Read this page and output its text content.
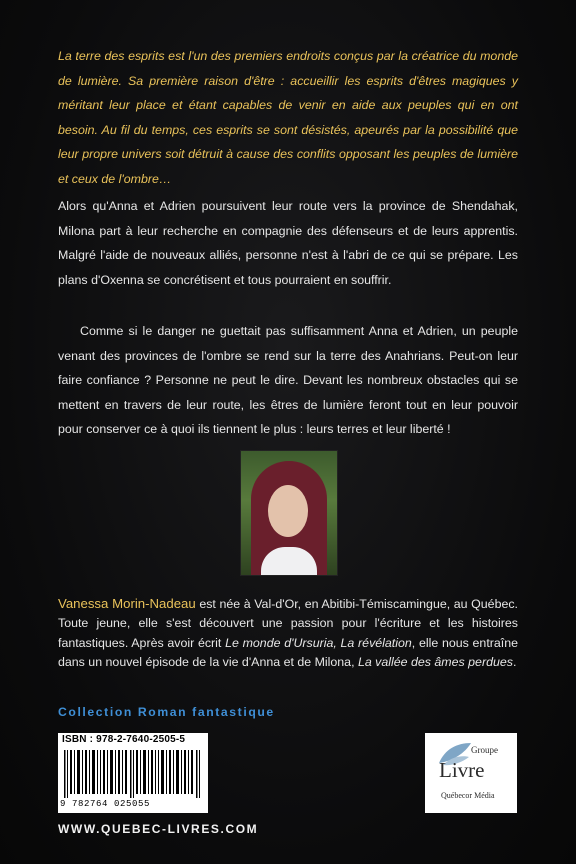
La terre des esprits est l'un des premiers endroits conçus par la créatrice du monde de lumière. Sa première raison d'être : accueillir les esprits d'êtres magiques y méritant leur place et étant capables de venir en aide aux peuples qui en ont besoin. Au fil du temps, ces esprits se sont désistés, apeurés par la possibilité que leur propre univers soit détruit à cause des conflits opposant les peuples de lumière et ceux de l'ombre…

Alors qu'Anna et Adrien poursuivent leur route vers la province de Shendahak, Milona part à leur recherche en compagnie des défenseurs et de leurs apprentis. Malgré l'aide de nouveaux alliés, personne n'est à l'abri de ce qui se prépare. Les plans d'Oxenna se concrétisent et tous pourraient en souffrir.

Comme si le danger ne guettait pas suffisamment Anna et Adrien, un peuple venant des provinces de l'ombre se rend sur la terre des Anahrians. Peut-on leur faire confiance ? Personne ne peut le dire. Devant les nombreux obstacles qui se mettent en travers de leur route, les êtres de lumière feront tout en leur pouvoir pour conserver ce à quoi ils tiennent le plus : leurs terres et leur liberté !

Vanessa Morin-Nadeau est née à Val-d'Or, en Abitibi-Témiscamingue, au Québec. Toute jeune, elle s'est découvert une passion pour l'écriture et les histoires fantastiques. Après avoir écrit Le monde d'Ursuria, La révélation, elle nous entraîne dans un nouvel épisode de la vie d'Anna et de Milona, La vallée des âmes perdues.

Collection Roman fantastique
ISBN : 978-2-7640-2505-5
9 782764 025055
Groupe
Livre
Québecor Média
WWW.QUEBEC-LIVRES.COM
